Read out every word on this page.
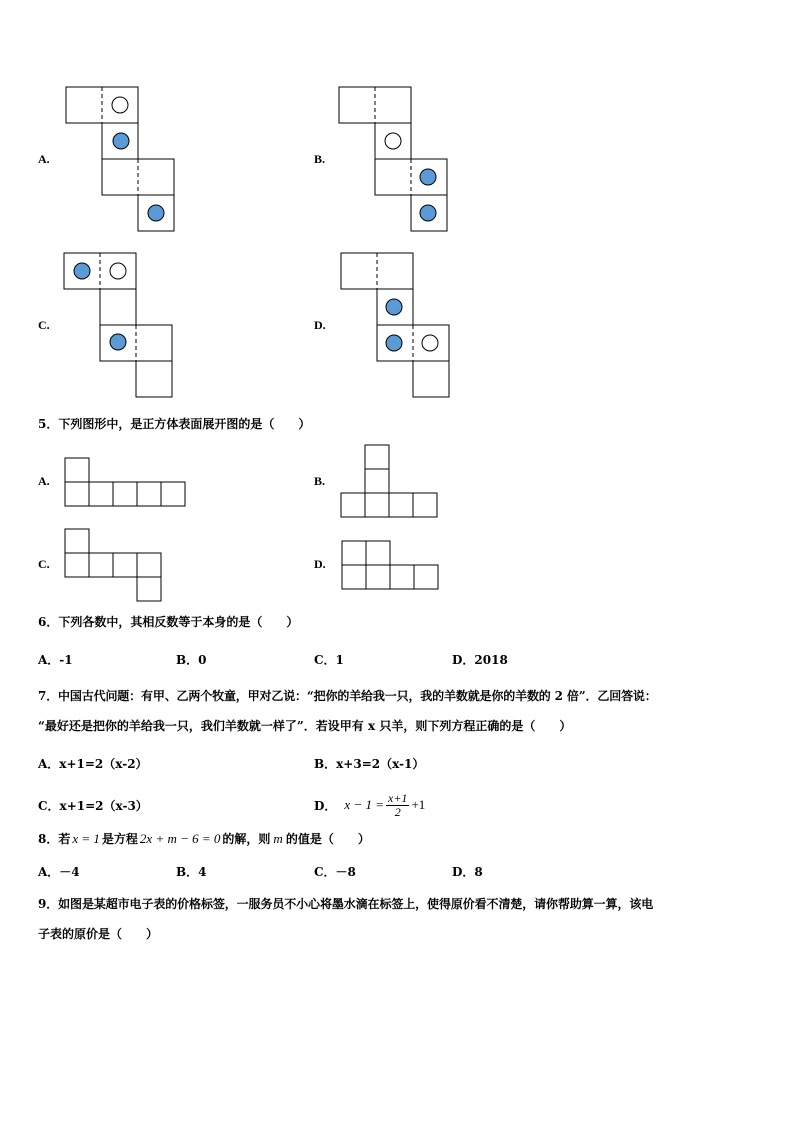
A.	B.
C.	D.
5．下列图形中，是正方体表面展开图的是（　　）
A.	B.
C.	D.
6．下列各数中，其相反数等于本身的是（　　）
A．-1	B．0	C．1	D．2018
7．中国古代问题：有甲、乙两个牧童，甲对乙说：“把你的羊给我一只，我的羊数就是你的羊数的 2 倍”．乙回答说：
“最好还是把你的羊给我一只，我们羊数就一样了”．若设甲有 x 只羊，则下列方程正确的是（　　）
A．x+1=2（x-2）	B．x+3=2（x-1）
C．x+1=2（x-3）	D． $x - 1 = \frac{x+1}{2} +1$
8．若 x = 1 是方程 2x + m − 6 = 0 的解，则 m 的值是（　　）
A．－4	B．4	C．－8	D．8
9．如图是某超市电子表的价格标签，一服务员不小心将墨水滴在标签上，使得原价看不清楚，请你帮助算一算，该电
子表的原价是（　　）
